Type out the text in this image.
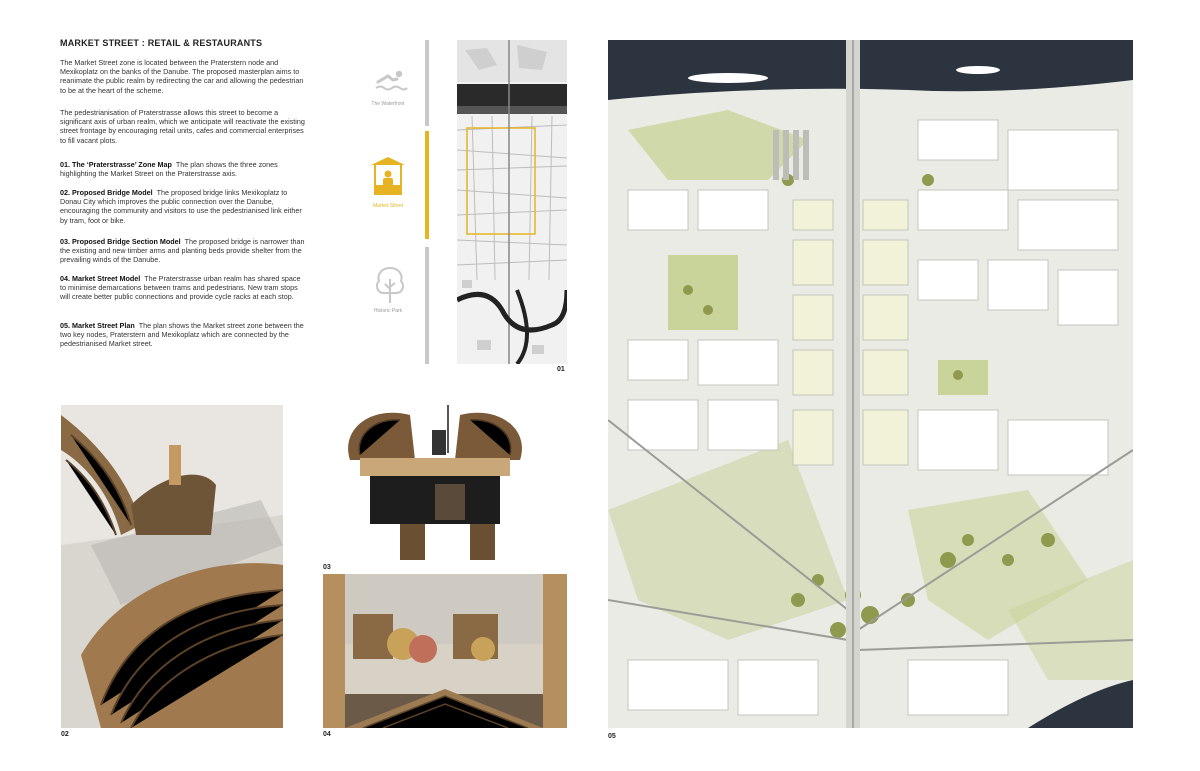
MARKET STREET : RETAIL & RESTAURANTS

The Market Street zone is located between the Praterstern node and Mexikoplatz on the banks of the Danube. The proposed masterplan aims to reanimate the public realm by redirecting the car and allowing the pedestrian to be at the heart of the scheme.

The pedestrianisation of Praterstrasse allows this street to become a significant axis of urban realm, which we anticipate will reactivate the existing street frontage by encouraging retail units, cafes and commercial enterprises to fill vacant plots.

01. The ‘Praterstrasse’ Zone Map The plan shows the three zones highlighting the Market Street on the Praterstrasse axis.

02. Proposed Bridge Model The proposed bridge links Mexikoplatz to Donau City which improves the public connection over the Danube, encouraging the community and visitors to use the pedestrianised link either by tram, foot or bike.

03. Proposed Bridge Section Model The proposed bridge is narrower than the existing and new timber arms and planting beds provide shelter from the prevailing winds of the Danube.

04. Market Street Model The Praterstrasse urban realm has shared space to minimise demarcations between trams and pedestrians. New tram stops will create better public connections and provide cycle racks at each stop.

05. Market Street Plan The plan shows the Market street zone between the two key nodes, Praterstern and Mexikoplatz which are connected by the pedestrianised Market street.

The Waterfront
Market Street
Historic Park
01
02
03
04	05
